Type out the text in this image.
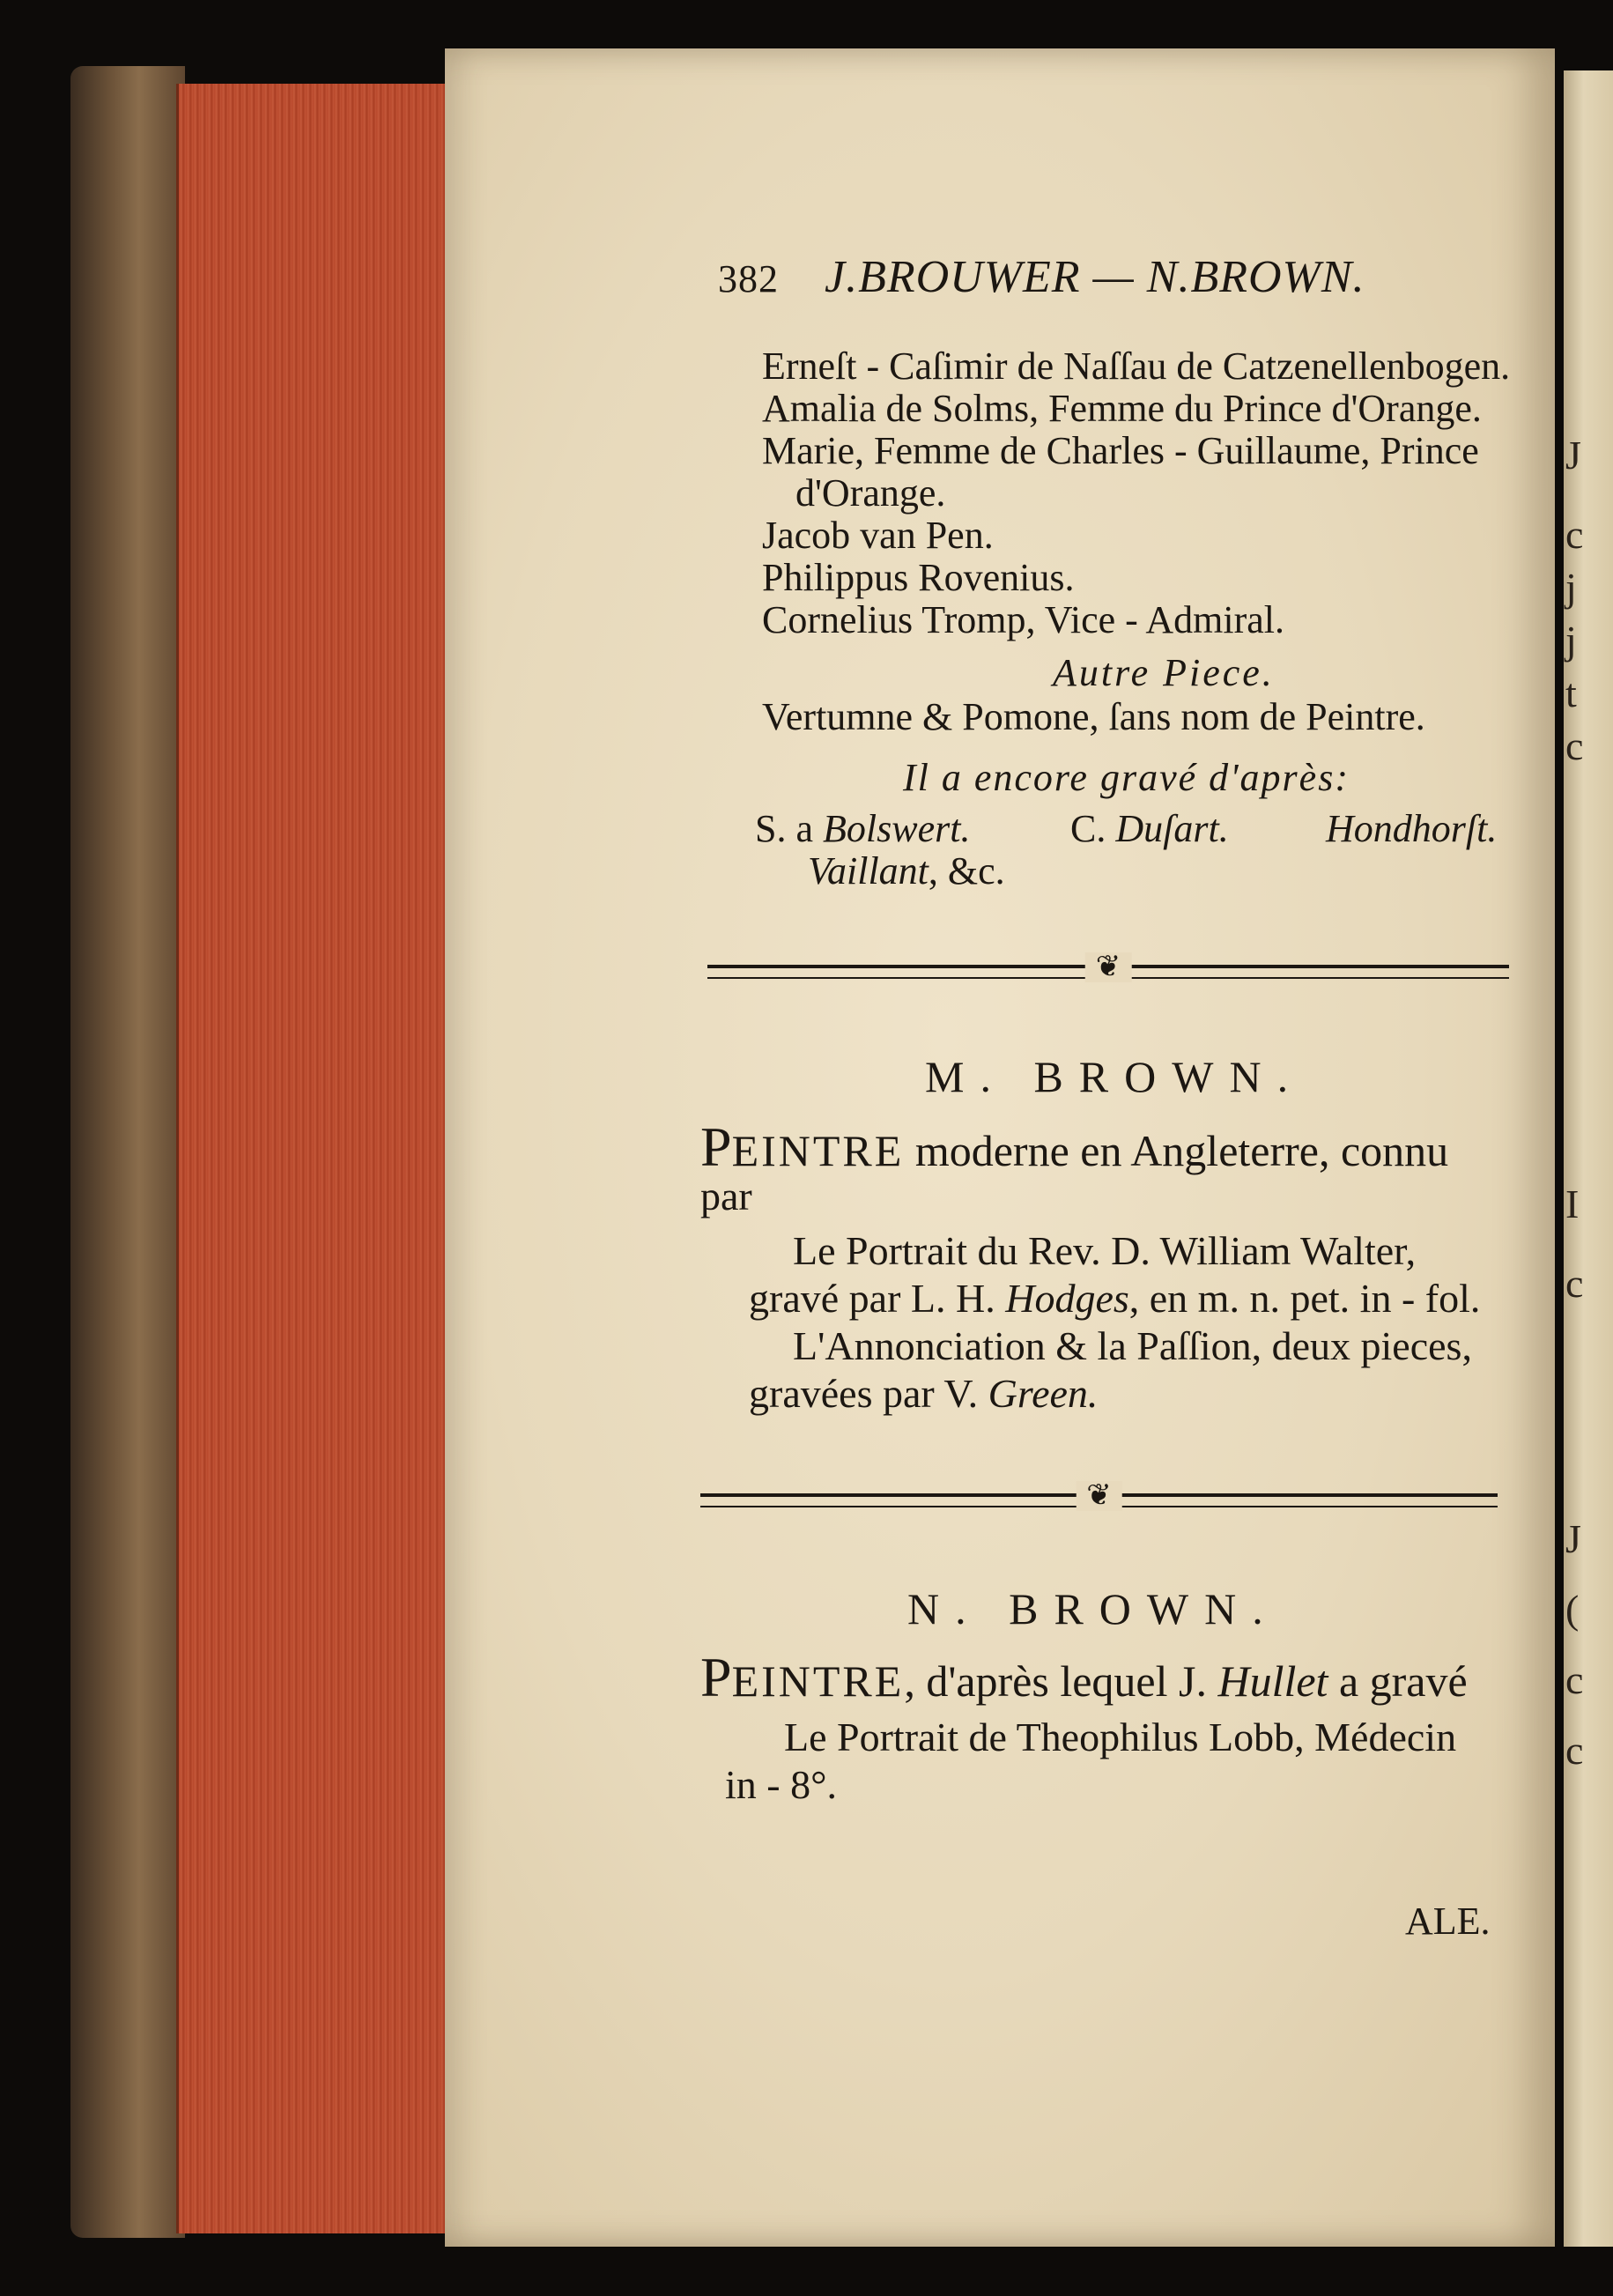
382 J.BROUWER — N.BROWN.
Erneſt - Caſimir de Naſſau de Catzenellenbogen.
Amalia de Solms, Femme du Prince d'Orange.
Marie, Femme de Charles - Guillaume, Prince
d'Orange.
Jacob van Pen.
Philippus Rovenius.
Cornelius Tromp, Vice - Admiral.
Autre Piece.
Vertumne & Pomone, ſans nom de Peintre.
Il a encore gravé d'après:
S. a Bolswert.	C. Duſart.	Hondhorſt.
Vaillant, &c.
❦
M. BROWN.
PEINTRE moderne en Angleterre, connu
par
Le Portrait du Rev. D. William Walter,
gravé par L. H. Hodges, en m. n. pet. in - fol.
L'Annonciation & la Paſſion, deux pieces,
gravées par V. Green.
❦
N. BROWN.
PEINTRE, d'après lequel J. Hullet a gravé
Le Portrait de Theophilus Lobb, Médecin
in - 8°.
ALE.
J
c
j
j
t
c
I
c
J
(
c
c
